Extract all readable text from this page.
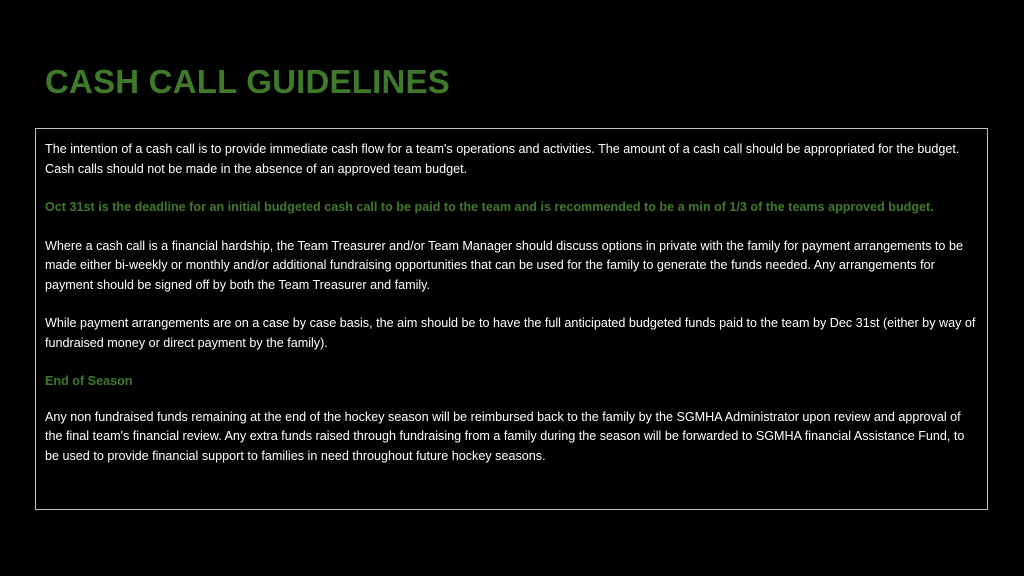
CASH CALL GUIDELINES

The intention of a cash call is to provide immediate cash flow for a team's operations and activities. The amount of a cash call should be appropriated for the budget. Cash calls should not be made in the absence of an approved team budget.

Oct 31st is the deadline for an initial budgeted cash call to be paid to the team and is recommended to be a min of 1/3 of the teams approved budget.

Where a cash call is a financial hardship, the Team Treasurer and/or Team Manager should discuss options in private with the family for payment arrangements to be made either bi-weekly or monthly and/or additional fundraising opportunities that can be used for the family to generate the funds needed. Any arrangements for payment should be signed off by both the Team Treasurer and family.

While payment arrangements are on a case by case basis, the aim should be to have the full anticipated budgeted funds paid to the team by Dec 31st (either by way of fundraised money or direct payment by the family).

End of Season

Any non fundraised funds remaining at the end of the hockey season will be reimbursed back to the family by the SGMHA Administrator upon review and approval of the final team's financial review. Any extra funds raised through fundraising from a family during the season will be forwarded to SGMHA financial Assistance Fund, to be used to provide financial support to families in need throughout future hockey seasons.
